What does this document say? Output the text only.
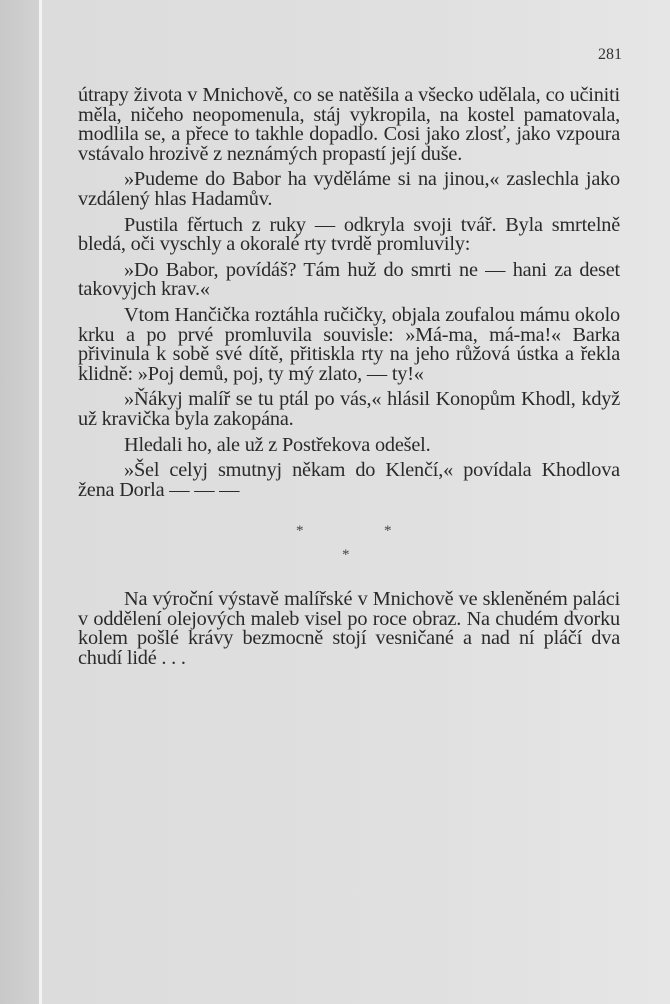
281

útrapy života v Mnichově, co se natěšila a všecko udělala, co učiniti měla, ničeho neopomenula, stáj vykropila, na kostel pamatovala, modlila se, a přece to takhle dopadlo. Cosi jako zlosť, jako vzpoura vstávalo hrozivě z neznámých propastí její duše.

»Pudeme do Babor ha vyděláme si na jinou,« zaslechla jako vzdálený hlas Hadamův.

Pustila fěrtuch z ruky — odkryla svoji tvář. Byla smrtelně bledá, oči vyschly a okoralé rty tvrdě promluvily:

»Do Babor, povídáš? Tám huž do smrti ne — hani za deset takovyjch krav.«

Vtom Hančička roztáhla ručičky, objala zoufalou mámu okolo krku a po prvé promluvila souvisle: »Má-ma, má-ma!« Barka přivinula k sobě své dítě, přitiskla rty na jeho růžová ústka a řekla klidně: »Poj demů, poj, ty mý zlato, — ty!«

»Ňákyj malíř se tu ptál po vás,« hlásil Konopům Khodl, když už kravička byla zakopána.

Hledali ho, ale už z Postřekova odešel.

»Šel celyj smutnyj někam do Klenčí,« povídala Khodlova žena Dorla — — —

*	*
*

Na výroční výstavě malířské v Mnichově ve skleněném paláci v oddělení olejových maleb visel po roce obraz. Na chudém dvorku kolem pošlé krávy bezmocně stojí vesničané a nad ní pláčí dva chudí lidé . . .
